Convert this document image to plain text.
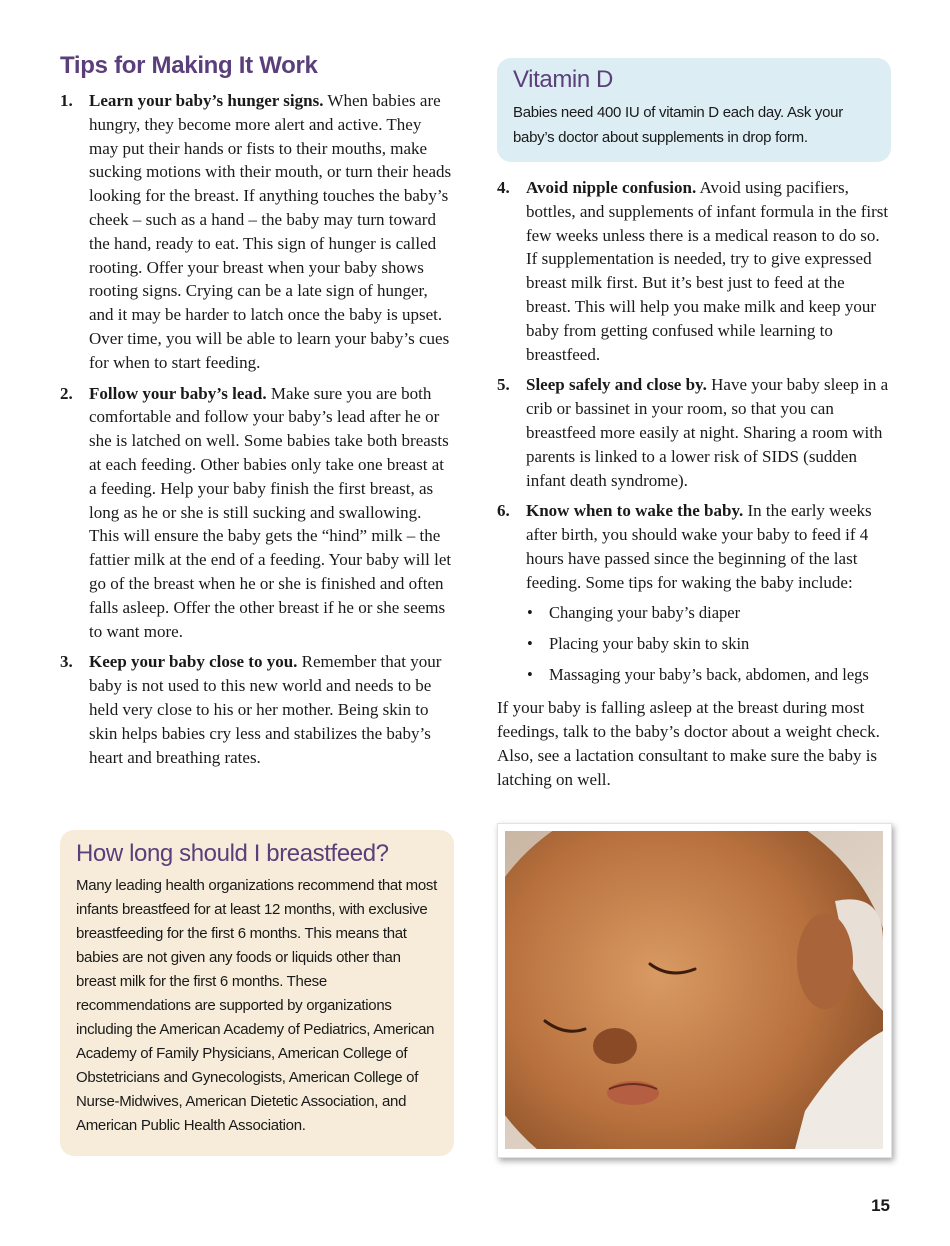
Tips for Making It Work
1. Learn your baby’s hunger signs. When babies are hungry, they become more alert and active. They may put their hands or fists to their mouths, make sucking motions with their mouth, or turn their heads looking for the breast. If anything touches the baby’s cheek – such as a hand – the baby may turn toward the hand, ready to eat. This sign of hunger is called rooting. Offer your breast when your baby shows rooting signs. Crying can be a late sign of hunger, and it may be harder to latch once the baby is upset. Over time, you will be able to learn your baby’s cues for when to start feeding.
2. Follow your baby’s lead. Make sure you are both comfortable and follow your baby’s lead after he or she is latched on well. Some babies take both breasts at each feeding. Other babies only take one breast at a feeding. Help your baby finish the first breast, as long as he or she is still sucking and swallowing. This will ensure the baby gets the “hind” milk – the fattier milk at the end of a feeding. Your baby will let go of the breast when he or she is finished and often falls asleep. Offer the other breast if he or she seems to want more.
3. Keep your baby close to you. Remember that your baby is not used to this new world and needs to be held very close to his or her mother. Being skin to skin helps babies cry less and stabilizes the baby’s heart and breathing rates.
How long should I breastfeed?

Many leading health organizations recommend that most infants breastfeed for at least 12 months, with exclusive breastfeeding for the first 6 months. This means that babies are not given any foods or liquids other than breast milk for the first 6 months. These recommendations are supported by organizations including the American Academy of Pediatrics, American Academy of Family Physicians, American College of Obstetricians and Gynecologists, American College of Nurse-Midwives, American Dietetic Association, and American Public Health Association.

Vitamin D

Babies need 400 IU of vitamin D each day. Ask your baby’s doctor about supplements in drop form.

4. Avoid nipple confusion. Avoid using pacifiers, bottles, and supplements of infant formula in the first few weeks unless there is a medical reason to do so. If supplementation is needed, try to give expressed breast milk first. But it’s best just to feed at the breast. This will help you make milk and keep your baby from getting confused while learning to breastfeed.
5. Sleep safely and close by. Have your baby sleep in a crib or bassinet in your room, so that you can breastfeed more easily at night. Sharing a room with parents is linked to a lower risk of SIDS (sudden infant death syndrome).
6. Know when to wake the baby. In the early weeks after birth, you should wake your baby to feed if 4 hours have passed since the beginning of the last feeding. Some tips for waking the baby include:
• Changing your baby’s diaper
• Placing your baby skin to skin
• Massaging your baby’s back, abdomen, and legs

If your baby is falling asleep at the breast during most feedings, talk to the baby’s doctor about a weight check. Also, see a lactation consultant to make sure the baby is latching on well.

15
